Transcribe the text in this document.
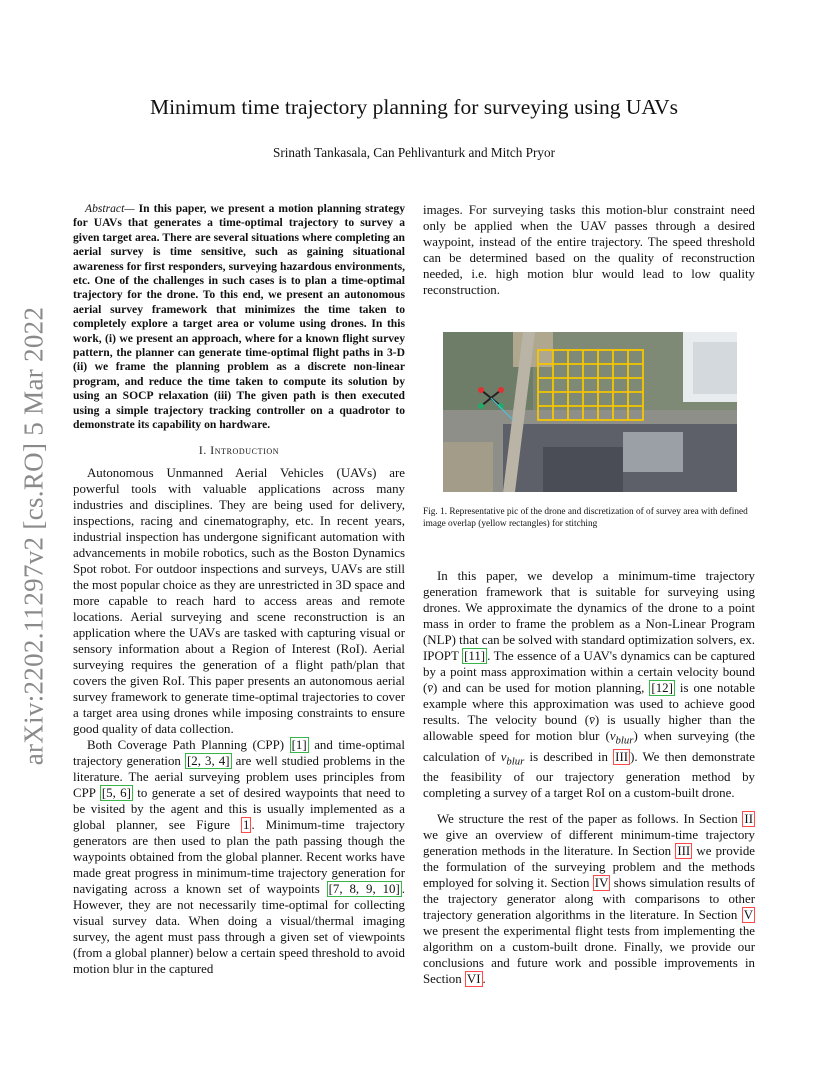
arXiv:2202.11297v2 [cs.RO] 5 Mar 2022
Minimum time trajectory planning for surveying using UAVs
Srinath Tankasala, Can Pehlivanturk and Mitch Pryor

Abstract— In this paper, we present a motion planning strategy for UAVs that generates a time-optimal trajectory to survey a given target area. There are several situations where completing an aerial survey is time sensitive, such as gaining situational awareness for first responders, surveying hazardous environments, etc. One of the challenges in such cases is to plan a time-optimal trajectory for the drone. To this end, we present an autonomous aerial survey framework that minimizes the time taken to completely explore a target area or volume using drones. In this work, (i) we present an approach, where for a known flight survey pattern, the planner can generate time-optimal flight paths in 3-D (ii) we frame the planning problem as a discrete non-linear program, and reduce the time taken to compute its solution by using an SOCP relaxation (iii) The given path is then executed using a simple trajectory tracking controller on a quadrotor to demonstrate its capability on hardware.

I. Introduction

Autonomous Unmanned Aerial Vehicles (UAVs) are powerful tools with valuable applications across many industries and disciplines. They are being used for delivery, inspections, racing and cinematography, etc. In recent years, industrial inspection has undergone significant automation with advancements in mobile robotics, such as the Boston Dynamics Spot robot. For outdoor inspections and surveys, UAVs are still the most popular choice as they are unrestricted in 3D space and more capable to reach hard to access areas and remote locations. Aerial surveying and scene reconstruction is an application where the UAVs are tasked with capturing visual or sensory information about a Region of Interest (RoI). Aerial surveying requires the generation of a flight path/plan that covers the given RoI. This paper presents an autonomous aerial survey framework to generate time-optimal trajectories to cover a target area using drones while imposing constraints to ensure good quality of data collection.

Both Coverage Path Planning (CPP) [1] and time-optimal trajectory generation [2, 3, 4] are well studied problems in the literature. The aerial surveying problem uses principles from CPP [5, 6] to generate a set of desired waypoints that need to be visited by the agent and this is usually implemented as a global planner, see Figure 1 . Minimum-time trajectory generators are then used to plan the path passing though the waypoints obtained from the global planner. Recent works have made great progress in minimum-time trajectory generation for navigating across a known set of waypoints [7, 8, 9, 10] . However, they are not necessarily time-optimal for collecting visual survey data. When doing a visual/thermal imaging survey, the agent must pass through a given set of viewpoints (from a global planner) below a certain speed threshold to avoid motion blur in the captured

images. For surveying tasks this motion-blur constraint need only be applied when the UAV passes through a desired waypoint, instead of the entire trajectory. The speed threshold can be determined based on the quality of reconstruction needed, i.e. high motion blur would lead to low quality reconstruction.

Fig. 1. Representative pic of the drone and discretization of of survey area with defined image overlap (yellow rectangles) for stitching

In this paper, we develop a minimum-time trajectory generation framework that is suitable for surveying using drones. We approximate the dynamics of the drone to a point mass in order to frame the problem as a Non-Linear Program (NLP) that can be solved with standard optimization solvers, ex. IPOPT [11] . The essence of a UAV's dynamics can be captured by a point mass approximation within a certain velocity bound (v̄) and can be used for motion planning, [12] is one notable example where this approximation was used to achieve good results. The velocity bound (v̄) is usually higher than the allowable speed for motion blur $(v_{blur})$ when surveying (the calculation of $v_{blur}$ is described in III ). We then demonstrate the feasibility of our trajectory generation method by completing a survey of a target RoI on a custom-built drone.

We structure the rest of the paper as follows. In Section II we give an overview of different minimum-time trajectory generation methods in the literature. In Section III we provide the formulation of the surveying problem and the methods employed for solving it. Section IV shows simulation results of the trajectory generator along with comparisons to other trajectory generation algorithms in the literature. In Section V we present the experimental flight tests from implementing the algorithm on a custom-built drone. Finally, we provide our conclusions and future work and possible improvements in Section VI .
